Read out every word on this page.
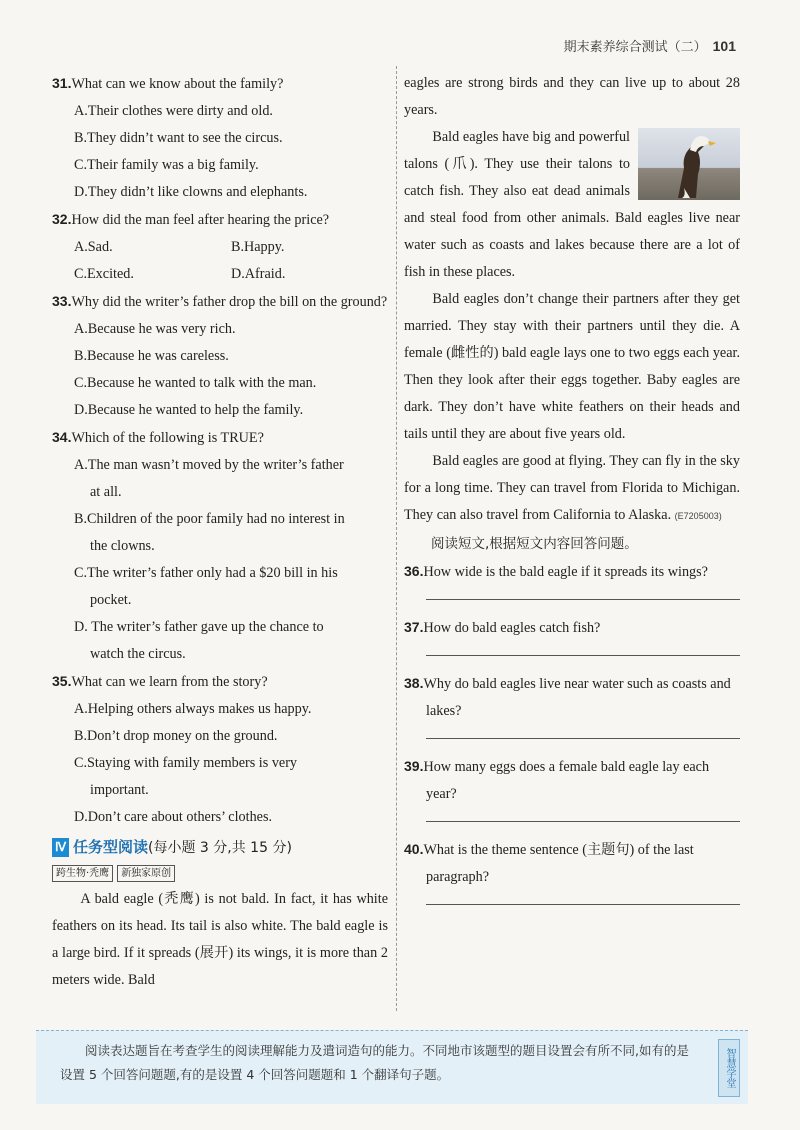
期末素养综合测试（二） 101
31.What can we know about the family?
A.Their clothes were dirty and old.
B.They didn’t want to see the circus.
C.Their family was a big family.
D.They didn’t like clowns and elephants.
32.How did the man feel after hearing the price?
A.Sad.	B.Happy.
C.Excited.	D.Afraid.
33.Why did the writer’s father drop the bill on the ground?
A.Because he was very rich.
B.Because he was careless.
C.Because he wanted to talk with the man.
D.Because he wanted to help the family.
34.Which of the following is TRUE?
A.The man wasn’t moved by the writer’s father
at all.
B.Children of the poor family had no interest in
the clowns.
C.The writer’s father only had a $20 bill in his
pocket.
D. The writer’s father gave up the chance to
watch the circus.
35.What can we learn from the story?
A.Helping others always makes us happy.
B.Don’t drop money on the ground.
C.Staying with family members is very
important.
D.Don’t care about others’ clothes.
Ⅳ 任务型阅读(每小题 3 分,共 15 分)
跨生物·秃鹰	新独家原创
A bald eagle (秃鹰) is not bald. In fact, it has white feathers on its head. Its tail is also white. The bald eagle is a large bird. If it spreads (展开) its wings, it is more than 2 meters wide. Bald
eagles are strong birds and they can live up to about 28 years.
Bald eagles have big and powerful talons (爪). They use their talons to catch fish. They also eat dead animals and steal food from other animals. Bald eagles live near water such as coasts and lakes because there are a lot of fish in these places.
Bald eagles don’t change their partners after they get married. They stay with their partners until they die. A female (雌性的) bald eagle lays one to two eggs each year. Then they look after their eggs together. Baby eagles are dark. They don’t have white feathers on their heads and tails until they are about five years old.
Bald eagles are good at flying. They can fly in the sky for a long time. They can travel from Florida to Michigan. They can also travel from California to Alaska. (E7205003)
阅读短文,根据短文内容回答问题。
36.How wide is the bald eagle if it spreads its wings?
37.How do bald eagles catch fish?
38.Why do bald eagles live near water such as coasts and lakes?
39.How many eggs does a female bald eagle lay each year?
40.What is the theme sentence (主题句) of the last paragraph?
阅读表达题旨在考查学生的阅读理解能力及遣词造句的能力。不同地市该题型的题目设置会有所不同,如有的是设置 5 个回答问题题,有的是设置 4 个回答问题题和 1 个翻译句子题。	智慧学堂
